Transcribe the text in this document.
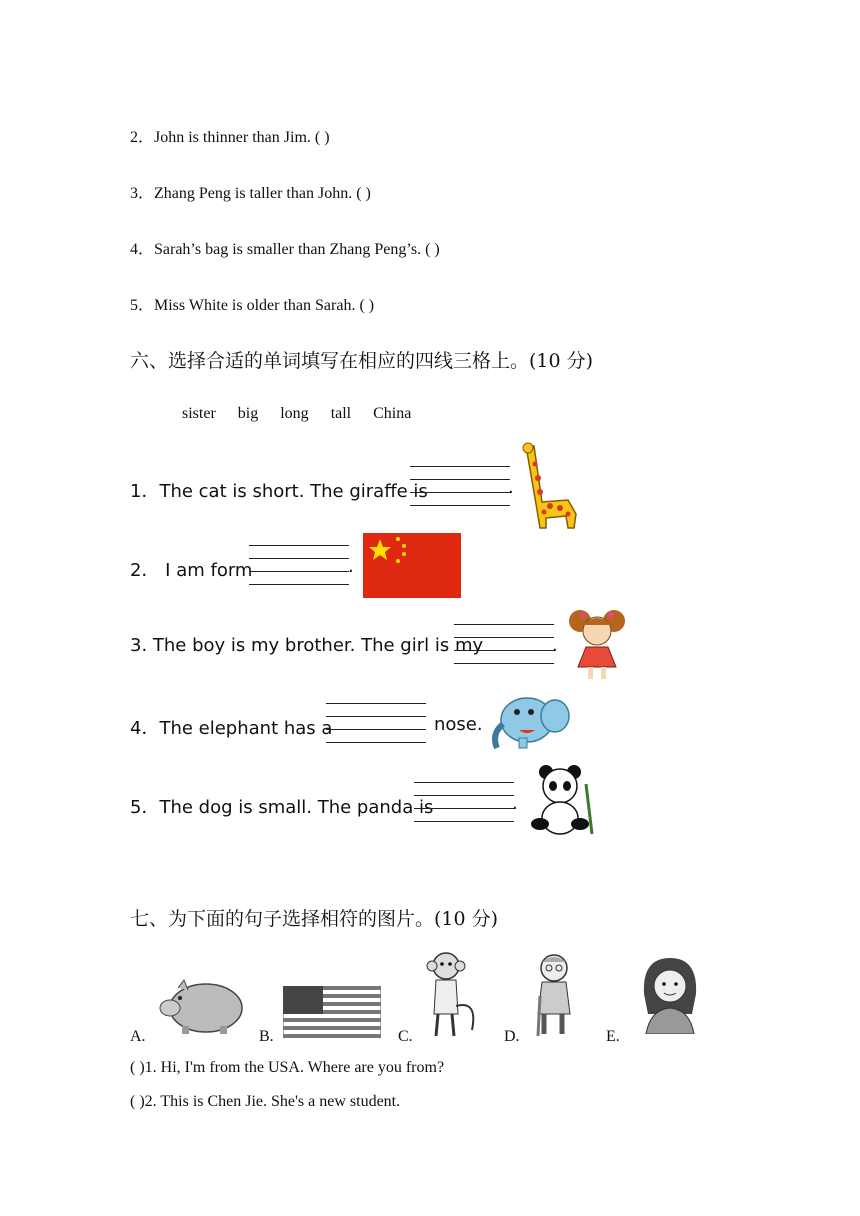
2．John is thinner than Jim. ( )
3．Zhang Peng is taller than John. ( )
4．Sarah’s bag is smaller than Zhang Peng’s. ( )
5．Miss White is older than Sarah. ( )
六、选择合适的单词填写在相应的四线三格上。(10 分)
sister big long tall China
1．The cat is short. The giraffe is	.
2． I am form	.
3. The boy is my brother. The girl is my	.
4．The elephant has a	nose.
5．The dog is small. The panda is	.
七、为下面的句子选择相符的图片。(10 分)
A.	B.	C.	D.	E.
( )1. Hi, I'm from the USA. Where are you from?
( )2. This is Chen Jie. She's a new student.
